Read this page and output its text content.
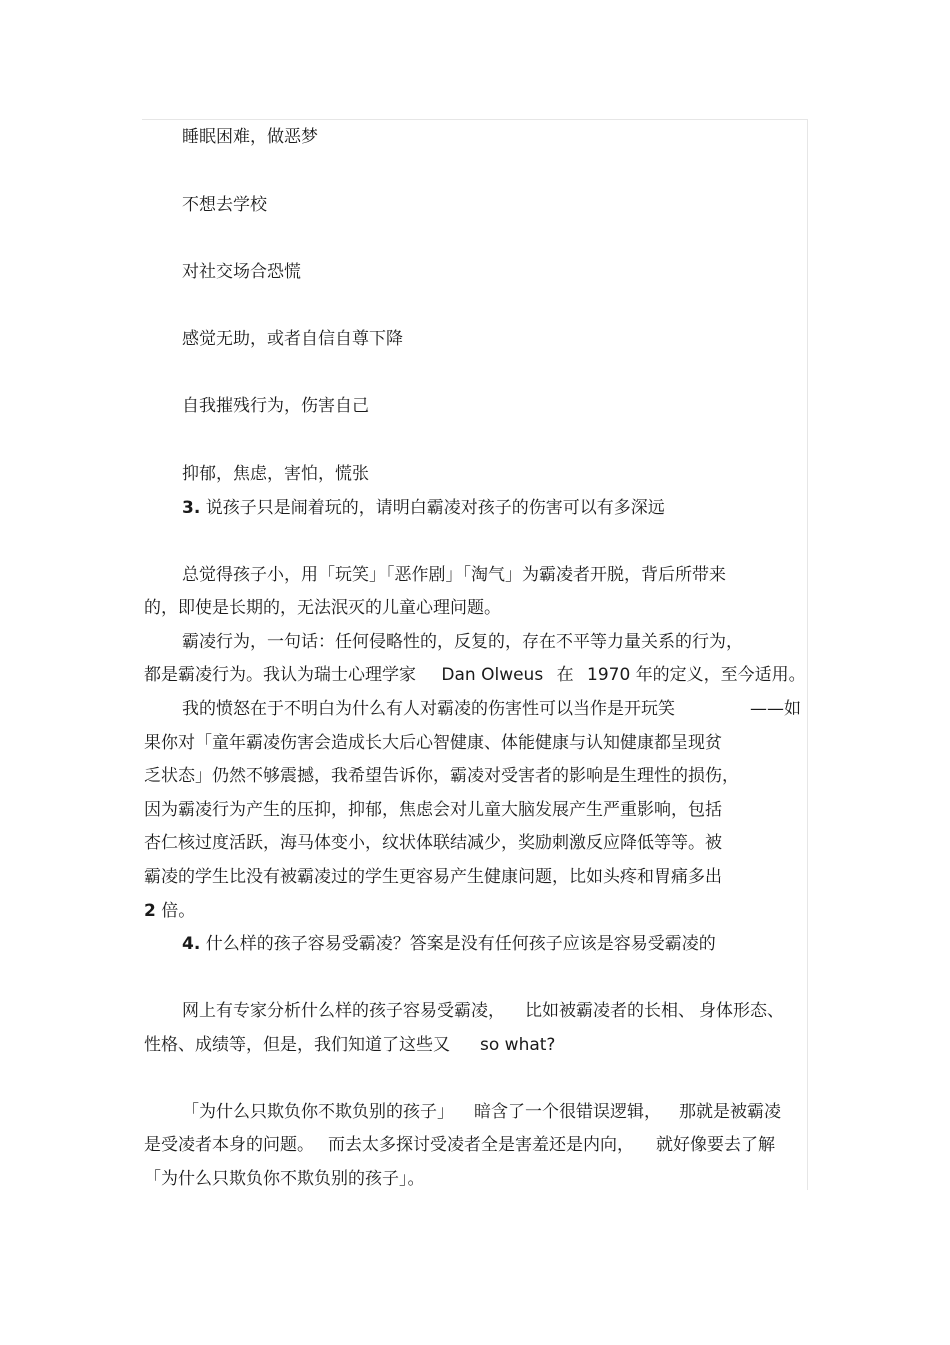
睡眠困难，做恶梦
不想去学校
对社交场合恐慌
感觉无助，或者自信自尊下降
自我摧残行为，伤害自己
抑郁，焦虑，害怕，慌张
3. 说孩子只是闹着玩的，请明白霸凌对孩子的伤害可以有多深远
总觉得孩子小，用「玩笑」「恶作剧」「淘气」为霸凌者开脱，背后所带来
的，即使是长期的，无法泯灭的儿童心理问题。
霸凌行为，一句话：任何侵略性的，反复的，存在不平等力量关系的行为，
都是霸凌行为。我认为瑞士心理学家 Dan Olweus 在 1970 年的定义，至今适用。
我的愤怒在于不明白为什么有人对霸凌的伤害性可以当作是开玩笑	——如
果你对「童年霸凌伤害会造成长大后心智健康、体能健康与认知健康都呈现贫
乏状态」仍然不够震撼，我希望告诉你，霸凌对受害者的影响是生理性的损伤，
因为霸凌行为产生的压抑，抑郁，焦虑会对儿童大脑发展产生严重影响，包括
杏仁核过度活跃，海马体变小，纹状体联结减少，奖励刺激反应降低等等。被
霸凌的学生比没有被霸凌过的学生更容易产生健康问题，比如头疼和胃痛多出
2 倍。
4. 什么样的孩子容易受霸凌？答案是没有任何孩子应该是容易受霸凌的
网上有专家分析什么样的孩子容易受霸凌， 比如被霸凌者的长相、 身体形态、
性格、成绩等，但是，我们知道了这些又 so what?
「为什么只欺负你不欺负别的孩子」 暗含了一个很错误逻辑， 那就是被霸凌
是受凌者本身的问题。 而去太多探讨受凌者全是害羞还是内向， 就好像要去了解
「为什么只欺负你不欺负别的孩子」。
